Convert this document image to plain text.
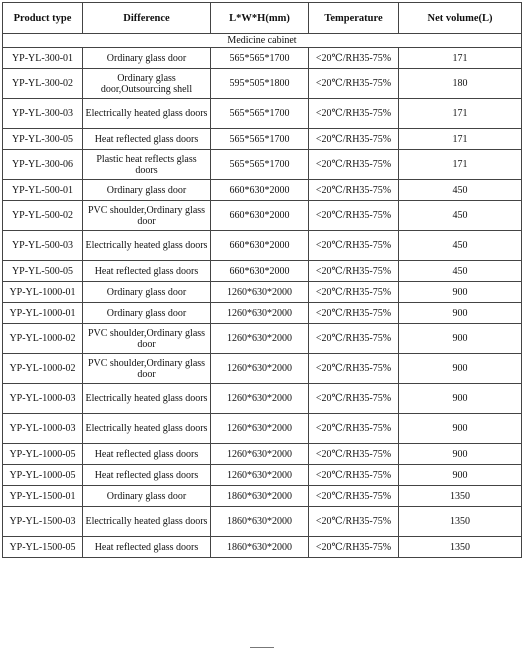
Product type	Difference	L*W*H(mm)	Temperature	Net volume(L)
Medicine cabinet				
YP-YL-300-01	Ordinary glass door	565*565*1700	<20℃/RH35-75%	171
YP-YL-300-02	Ordinary glass door,Outsourcing shell	595*505*1800	<20℃/RH35-75%	180
YP-YL-300-03	Electrically heated glass doors	565*565*1700	<20℃/RH35-75%	171
YP-YL-300-05	Heat reflected glass doors	565*565*1700	<20℃/RH35-75%	171
YP-YL-300-06	Plastic heat reflects glass doors	565*565*1700	<20℃/RH35-75%	171
YP-YL-500-01	Ordinary glass door	660*630*2000	<20℃/RH35-75%	450
YP-YL-500-02	PVC shoulder,Ordinary glass door	660*630*2000	<20℃/RH35-75%	450
YP-YL-500-03	Electrically heated glass doors	660*630*2000	<20℃/RH35-75%	450
YP-YL-500-05	Heat reflected glass doors	660*630*2000	<20℃/RH35-75%	450
YP-YL-1000-01	Ordinary glass door	1260*630*2000	<20℃/RH35-75%	900
YP-YL-1000-01	Ordinary glass door	1260*630*2000	<20℃/RH35-75%	900
YP-YL-1000-02	PVC shoulder,Ordinary glass door	1260*630*2000	<20℃/RH35-75%	900
YP-YL-1000-02	PVC shoulder,Ordinary glass door	1260*630*2000	<20℃/RH35-75%	900
YP-YL-1000-03	Electrically heated glass doors	1260*630*2000	<20℃/RH35-75%	900
YP-YL-1000-03	Electrically heated glass doors	1260*630*2000	<20℃/RH35-75%	900
YP-YL-1000-05	Heat reflected glass doors	1260*630*2000	<20℃/RH35-75%	900
YP-YL-1000-05	Heat reflected glass doors	1260*630*2000	<20℃/RH35-75%	900
YP-YL-1500-01	Ordinary glass door	1860*630*2000	<20℃/RH35-75%	1350
YP-YL-1500-03	Electrically heated glass doors	1860*630*2000	<20℃/RH35-75%	1350
YP-YL-1500-05	Heat reflected glass doors	1860*630*2000	<20℃/RH35-75%	1350
